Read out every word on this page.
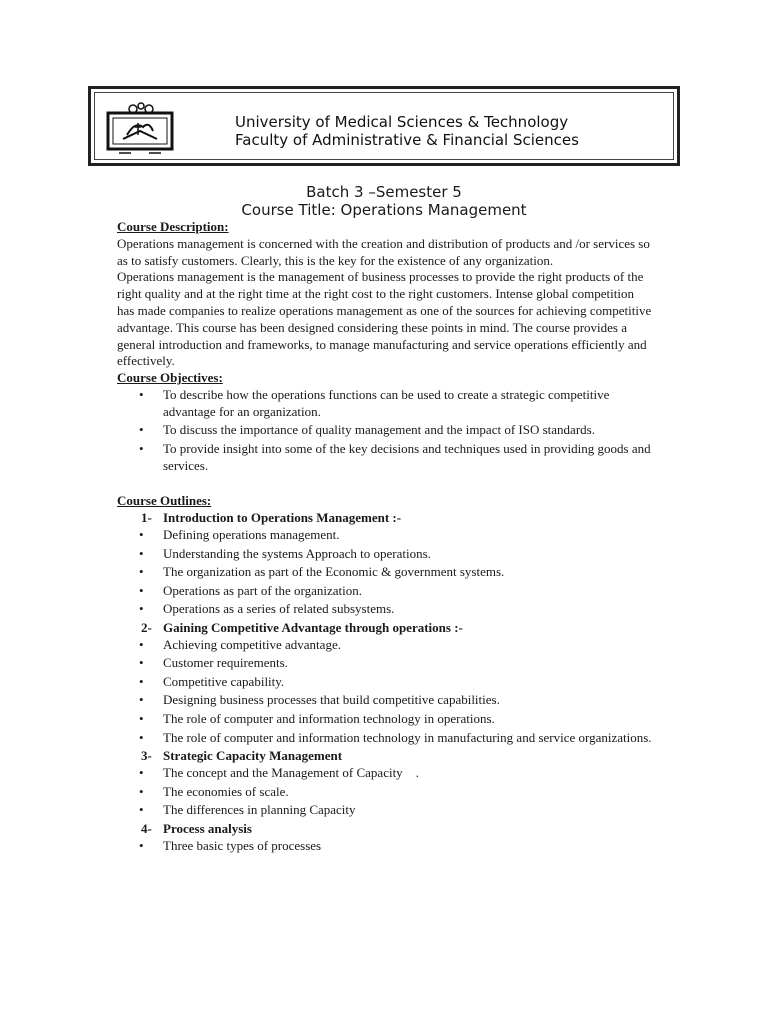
University of Medical Sciences & Technology
Faculty of Administrative & Financial Sciences
Batch 3 –Semester 5
Course Title: Operations Management
Course Description:

Operations management is concerned with the creation and distribution of products and /or services so as to satisfy customers. Clearly, this is the key for the existence of any organization.

Operations management is the management of business processes to provide the right products of the right quality and at the right time at the right cost to the right customers. Intense global competition has made companies to realize operations management as one of the sources for achieving competitive advantage. This course has been designed considering these points in mind. The course provides a general introduction and frameworks, to manage manufacturing and service operations efficiently and effectively.

Course Objectives:
• To describe how the operations functions can be used to create a strategic competitive advantage for an organization.
• To discuss the importance of quality management and the impact of ISO standards.
• To provide insight into some of the key decisions and techniques used in providing goods and services.
Course Outlines:
1- Introduction to Operations Management :-
• Defining operations management.
• Understanding the systems Approach to operations.
• The organization as part of the Economic & government systems.
• Operations as part of the organization.
• Operations as a series of related subsystems.
2- Gaining Competitive Advantage through operations :-
• Achieving competitive advantage.
• Customer requirements.
• Competitive capability.
• Designing business processes that build competitive capabilities.
• The role of computer and information technology in operations.
• The role of computer and information technology in manufacturing and service organizations.
3- Strategic Capacity Management
• The concept and the Management of Capacity    .
• The economies of scale.
• The differences in planning Capacity
4- Process analysis
• Three basic types of processes
